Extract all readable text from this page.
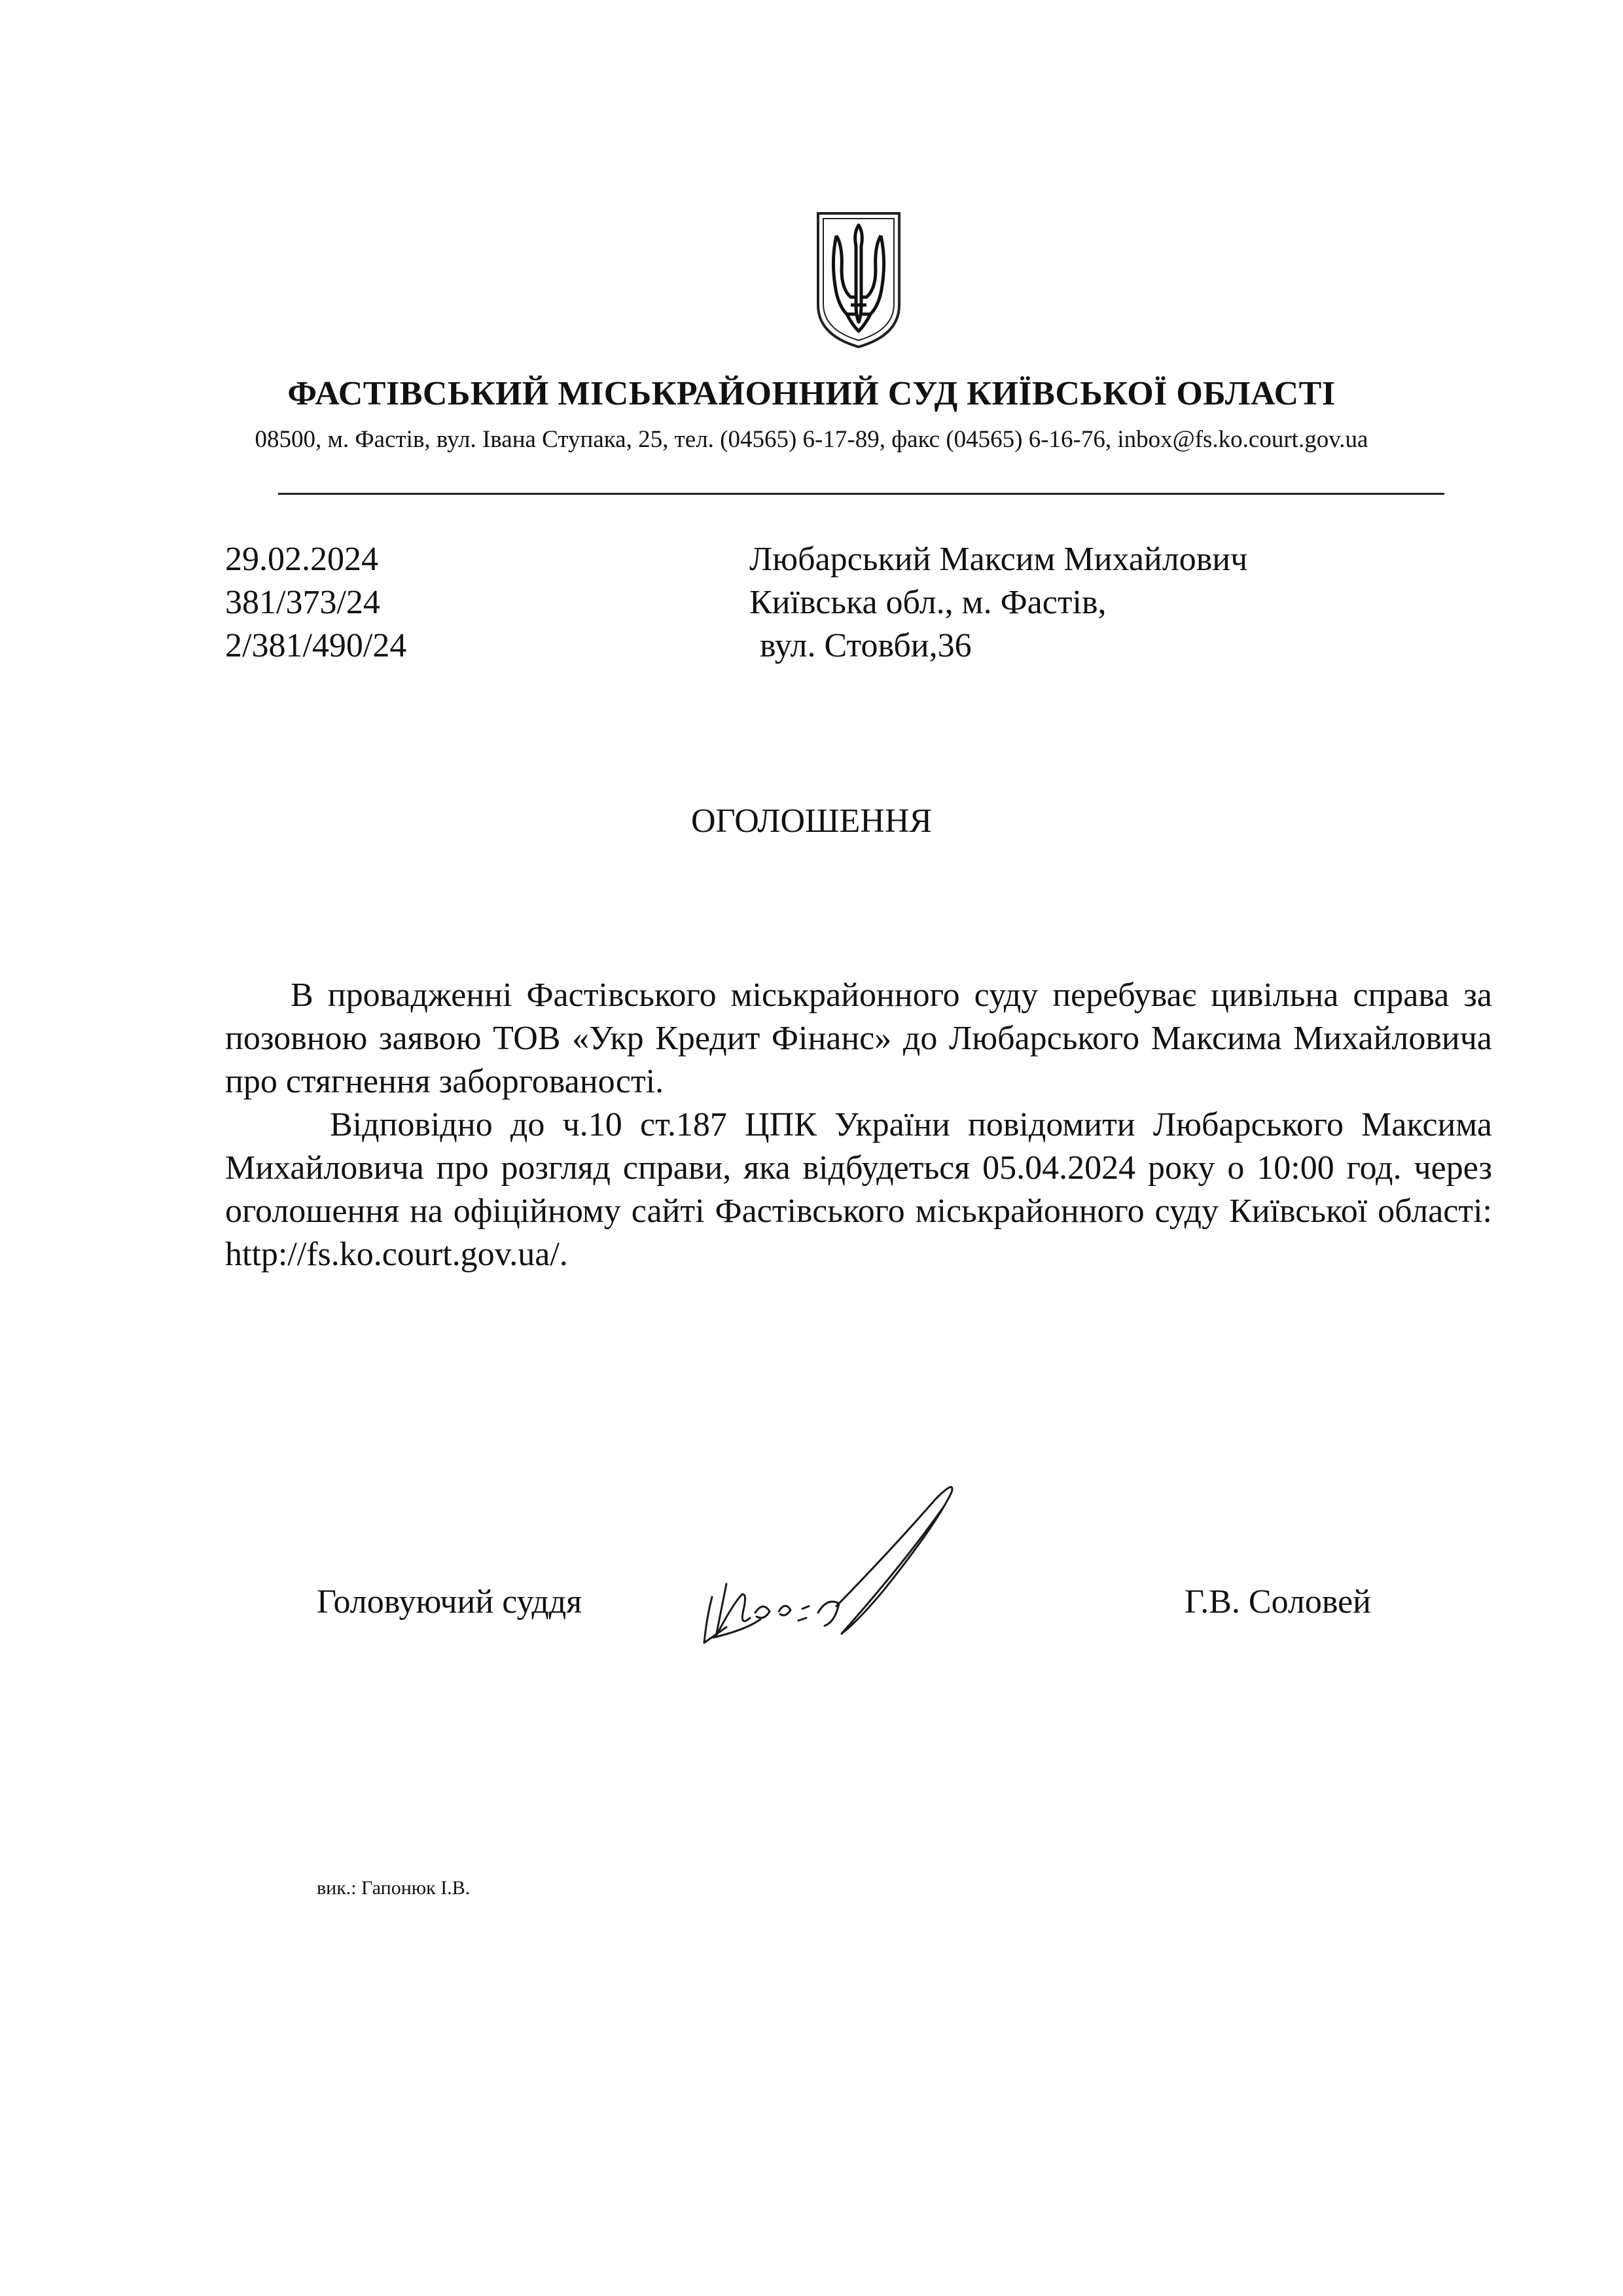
ФАСТІВСЬКИЙ МІСЬКРАЙОННИЙ СУД КИЇВСЬКОЇ ОБЛАСТІ
08500, м. Фастів, вул. Івана Ступака, 25, тел. (04565) 6-17-89, факс (04565) 6-16-76, inbox@fs.ko.court.gov.ua
29.02.2024
381/373/24
2/381/490/24
Любарський Максим Михайлович
Київська обл., м. Фастів,
вул. Стовби,36
ОГОЛОШЕННЯ

В провадженні Фастівського міськрайонного суду перебуває цивільна справа за позовною заявою ТОВ «Укр Кредит Фінанс» до Любарського Максима Михайловича про стягнення заборгованості.

Відповідно до ч.10 ст.187 ЦПК України повідомити Любарського Максима Михайловича про розгляд справи, яка відбудеться 05.04.2024 року о 10:00 год. через оголошення на офіційному сайті Фастівського міськрайонного суду Київської області: http://fs.ko.court.gov.ua/.

Головуючий суддя	Г.В. Соловей
вик.: Гапонюк І.В.
